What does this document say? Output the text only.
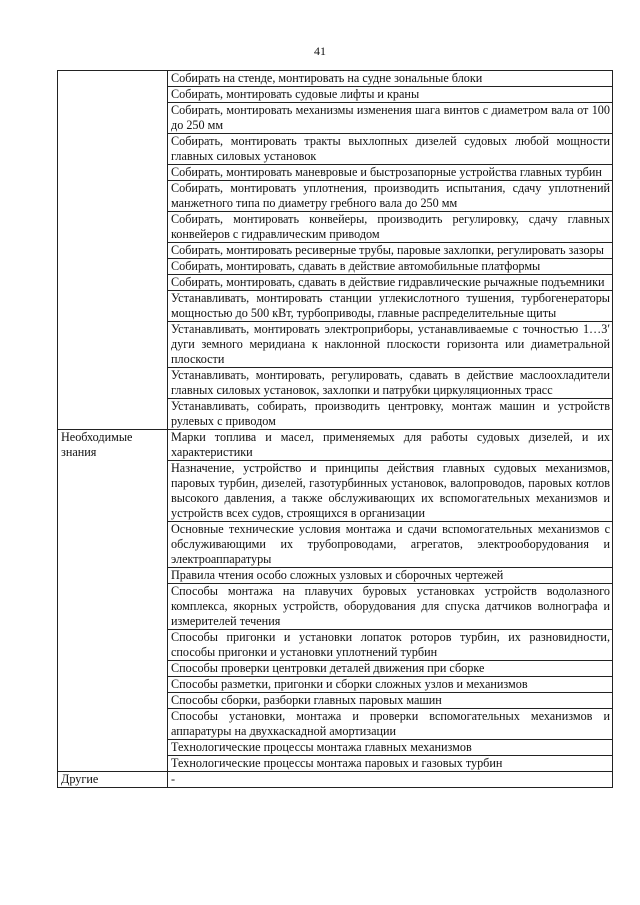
41
	Собирать на стенде, монтировать на судне зональные блоки
	Собирать, монтировать судовые лифты и краны
	Собирать, монтировать механизмы изменения шага винтов с диаметром вала от 100 до 250 мм
	Собирать, монтировать тракты выхлопных дизелей судовых любой мощности главных силовых установок
	Собирать, монтировать маневровые и быстрозапорные устройства главных турбин
	Собирать, монтировать уплотнения, производить испытания, сдачу уплотнений манжетного типа по диаметру гребного вала до 250 мм
	Собирать, монтировать конвейеры, производить регулировку, сдачу главных конвейеров с гидравлическим приводом
	Собирать, монтировать ресиверные трубы, паровые захлопки, регулировать зазоры
	Собирать, монтировать, сдавать в действие автомобильные платформы
	Собирать, монтировать, сдавать в действие гидравлические рычажные подъемники
	Устанавливать, монтировать станции углекислотного тушения, турбогенераторы мощностью до 500 кВт, турбоприводы, главные распределительные щиты
	Устанавливать, монтировать электроприборы, устанавливаемые с точностью 1…3′ дуги земного меридиана к наклонной плоскости горизонта или диаметральной плоскости
	Устанавливать, монтировать, регулировать, сдавать в действие маслоохладители главных силовых установок, захлопки и патрубки циркуляционных трасс
	Устанавливать, собирать, производить центровку, монтаж машин и устройств рулевых с приводом
Необходимые знания	Марки топлива и масел, применяемых для работы судовых дизелей, и их характеристики
	Назначение, устройство и принципы действия главных судовых механизмов, паровых турбин, дизелей, газотурбинных установок, валопроводов, паровых котлов высокого давления, а также обслуживающих их вспомогательных механизмов и устройств всех судов, строящихся в организации
	Основные технические условия монтажа и сдачи вспомогательных механизмов с обслуживающими их трубопроводами, агрегатов, электрооборудования и электроаппаратуры
	Правила чтения особо сложных узловых и сборочных чертежей
	Способы монтажа на плавучих буровых установках устройств водолазного комплекса, якорных устройств, оборудования для спуска датчиков волнографа и измерителей течения
	Способы пригонки и установки лопаток роторов турбин, их разновидности, способы пригонки и установки уплотнений турбин
	Способы проверки центровки деталей движения при сборке
	Способы разметки, пригонки и сборки сложных узлов и механизмов
	Способы сборки, разборки главных паровых машин
	Способы установки, монтажа и проверки вспомогательных механизмов и аппаратуры на двухкаскадной амортизации
	Технологические процессы монтажа главных механизмов
	Технологические процессы монтажа паровых и газовых турбин
Другие	-
